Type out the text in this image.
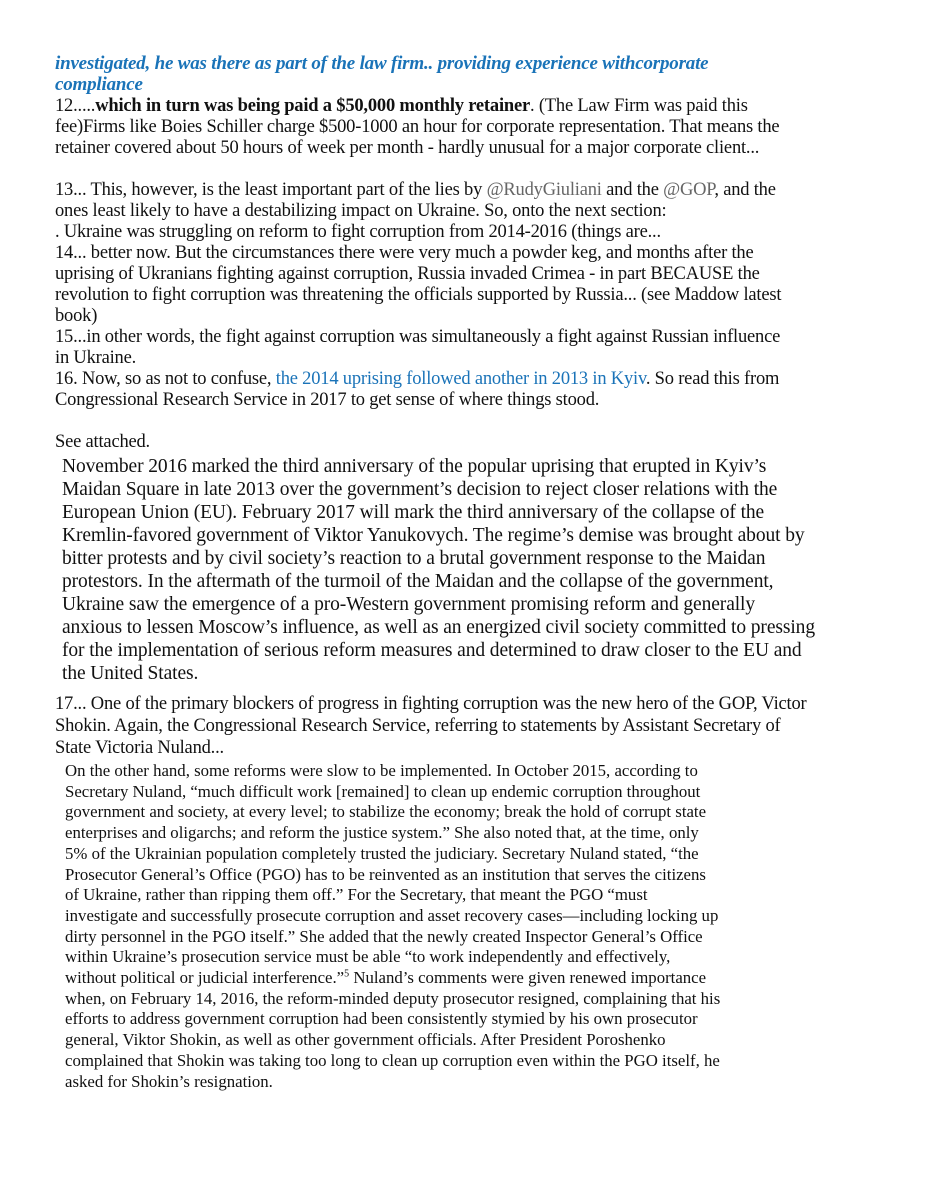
investigated, he was there as part of the law firm.. providing experience withcorporate
compliance
12.....which in turn was being paid a $50,000 monthly retainer. (The Law Firm was paid this
fee)Firms like Boies Schiller charge $500-1000 an hour for corporate representation. That means the
retainer covered about 50 hours of week per month - hardly unusual for a major corporate client...
13... This, however, is the least important part of the lies by @RudyGiuliani and the @GOP, and the
ones least likely to have a destabilizing impact on Ukraine. So, onto the next section:
. Ukraine was struggling on reform to fight corruption from 2014-2016 (things are...
14... better now. But the circumstances there were very much a powder keg, and months after the
uprising of Ukranians fighting against corruption, Russia invaded Crimea - in part BECAUSE the
revolution to fight corruption was threatening the officials supported by Russia... (see Maddow latest
book)
15...in other words, the fight against corruption was simultaneously a fight against Russian influence
in Ukraine.
16. Now, so as not to confuse, the 2014 uprising followed another in 2013 in Kyiv. So read this from
Congressional Research Service in 2017 to get sense of where things stood.
See attached.
November 2016 marked the third anniversary of the popular uprising that erupted in Kyiv’s
Maidan Square in late 2013 over the government’s decision to reject closer relations with the
European Union (EU). February 2017 will mark the third anniversary of the collapse of the
Kremlin-favored government of Viktor Yanukovych. The regime’s demise was brought about by
bitter protests and by civil society’s reaction to a brutal government response to the Maidan
protestors. In the aftermath of the turmoil of the Maidan and the collapse of the government,
Ukraine saw the emergence of a pro-Western government promising reform and generally
anxious to lessen Moscow’s influence, as well as an energized civil society committed to pressing
for the implementation of serious reform measures and determined to draw closer to the EU and
the United States.
17... One of the primary blockers of progress in fighting corruption was the new hero of the GOP, Victor
Shokin. Again, the Congressional Research Service, referring to statements by Assistant Secretary of
State Victoria Nuland...
On the other hand, some reforms were slow to be implemented. In October 2015, according to
Secretary Nuland, “much difficult work [remained] to clean up endemic corruption throughout
government and society, at every level; to stabilize the economy; break the hold of corrupt state
enterprises and oligarchs; and reform the justice system.” She also noted that, at the time, only
5% of the Ukrainian population completely trusted the judiciary. Secretary Nuland stated, “the
Prosecutor General’s Office (PGO) has to be reinvented as an institution that serves the citizens
of Ukraine, rather than ripping them off.” For the Secretary, that meant the PGO “must
investigate and successfully prosecute corruption and asset recovery cases—including locking up
dirty personnel in the PGO itself.” She added that the newly created Inspector General’s Office
within Ukraine’s prosecution service must be able “to work independently and effectively,
without political or judicial interference.”$^5$ Nuland’s comments were given renewed importance
when, on February 14, 2016, the reform-minded deputy prosecutor resigned, complaining that his
efforts to address government corruption had been consistently stymied by his own prosecutor
general, Viktor Shokin, as well as other government officials. After President Poroshenko
complained that Shokin was taking too long to clean up corruption even within the PGO itself, he
asked for Shokin’s resignation.
